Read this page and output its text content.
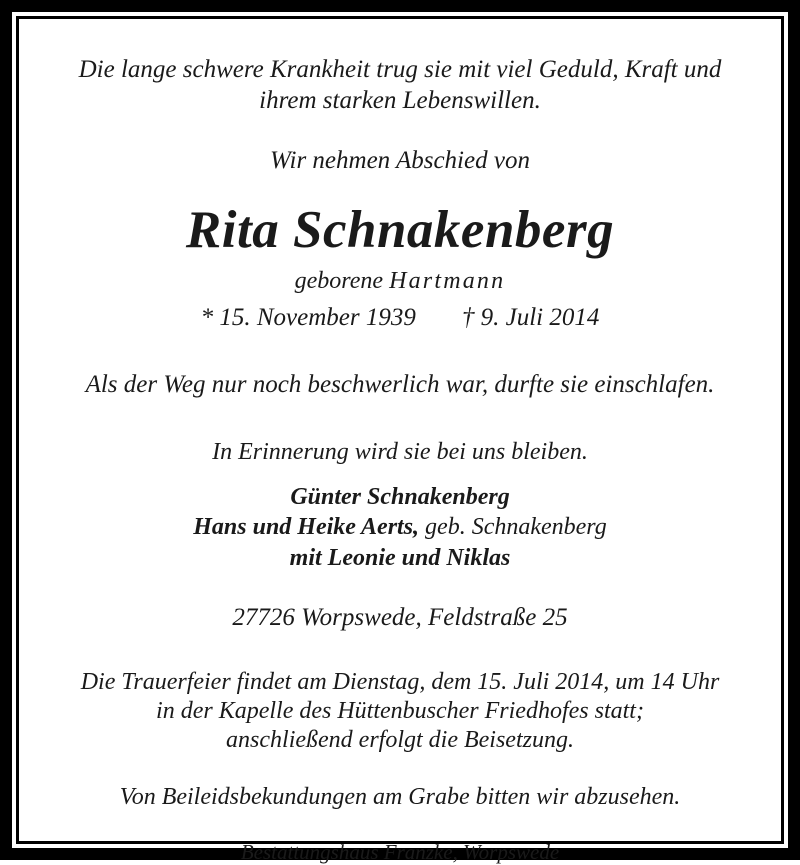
Die lange schwere Krankheit trug sie mit viel Geduld, Kraft und
ihrem starken Lebenswillen.
Wir nehmen Abschied von
Rita Schnakenberg
geborene Hartmann
* 15. November 1939 † 9. Juli 2014
Als der Weg nur noch beschwerlich war, durfte sie einschlafen.
In Erinnerung wird sie bei uns bleiben.
Günter Schnakenberg
Hans und Heike Aerts, geb. Schnakenberg
mit Leonie und Niklas
27726 Worpswede, Feldstraße 25
Die Trauerfeier findet am Dienstag, dem 15. Juli 2014, um 14 Uhr
in der Kapelle des Hüttenbuscher Friedhofes statt;
anschließend erfolgt die Beisetzung.
Von Beileidsbekundungen am Grabe bitten wir abzusehen.
Bestattungshaus Franzke, Worpswede
